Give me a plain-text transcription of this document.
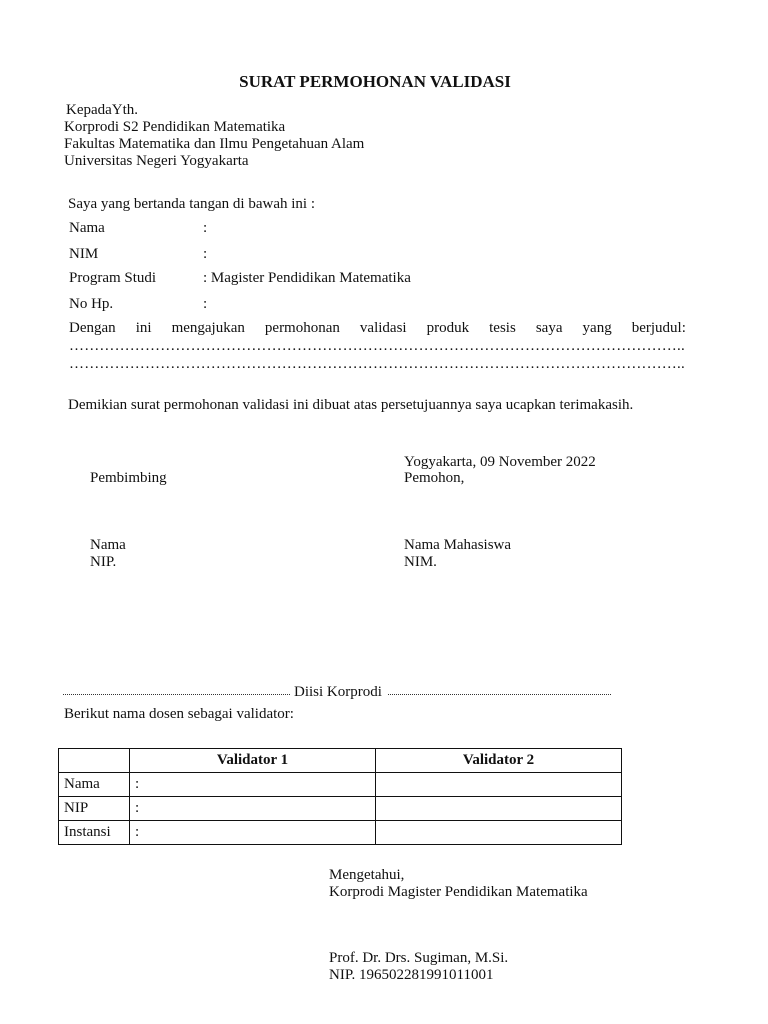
SURAT PERMOHONAN VALIDASI
KepadaYth.
Korprodi S2 Pendidikan Matematika
Fakultas Matematika dan Ilmu Pengetahuan Alam
Universitas Negeri Yogyakarta
Saya yang bertanda tangan di bawah ini :
Nama	:
NIM	:
Program Studi	: Magister Pendidikan Matematika
No Hp.	:
Dengan ini mengajukan permohonan validasi produk tesis saya yang berjudul:
…………………………………………………………………………………………………………..
…………………………………………………………………………………………………………..
Demikian surat permohonan validasi ini dibuat atas persetujuannya saya ucapkan terimakasih.
Yogyakarta, 09 November 2022
Pemohon,
Pembimbing
Nama
NIP.
Nama Mahasiswa
NIM.
Diisi Korprodi
Berikut nama dosen sebagai validator:
	Validator 1	Validator 2
Nama	:	
NIP	:	
Instansi	:	
Mengetahui,
Korprodi Magister Pendidikan Matematika
Prof. Dr. Drs. Sugiman, M.Si.
NIP. 196502281991011001
